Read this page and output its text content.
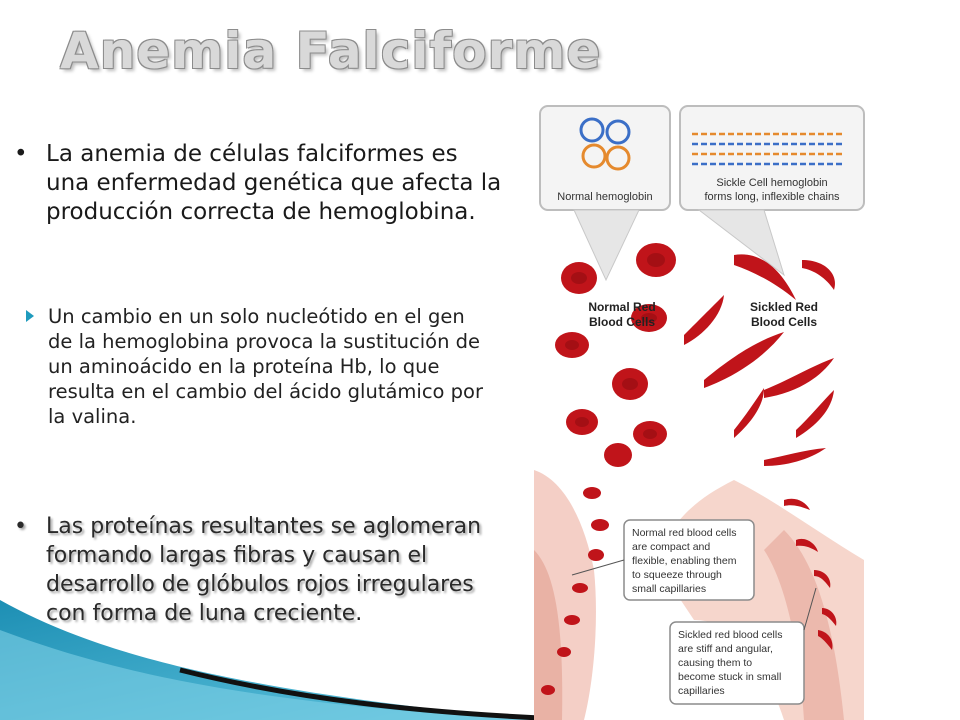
Anemia Falciforme
• La anemia de células falciformes es una enfermedad genética que afecta la producción correcta de hemoglobina.
Un cambio en un solo nucleótido en el gen de la hemoglobina provoca la sustitución de un aminoácido en la proteína Hb, lo que resulta en el cambio del ácido glutámico por la valina.
• Las proteínas resultantes se aglomeran formando largas fibras y causan el desarrollo de glóbulos rojos irregulares con forma de luna creciente.
Normal hemoglobin
Sickle Cell hemoglobin
forms long, inflexible chains
Normal Red
Blood Cells
Sickled Red
Blood Cells
Normal red blood cells
are compact and
flexible, enabling them
to squeeze through
small capillaries
Sickled red blood cells
are stiff and angular,
causing them to
become stuck in small
capillaries
